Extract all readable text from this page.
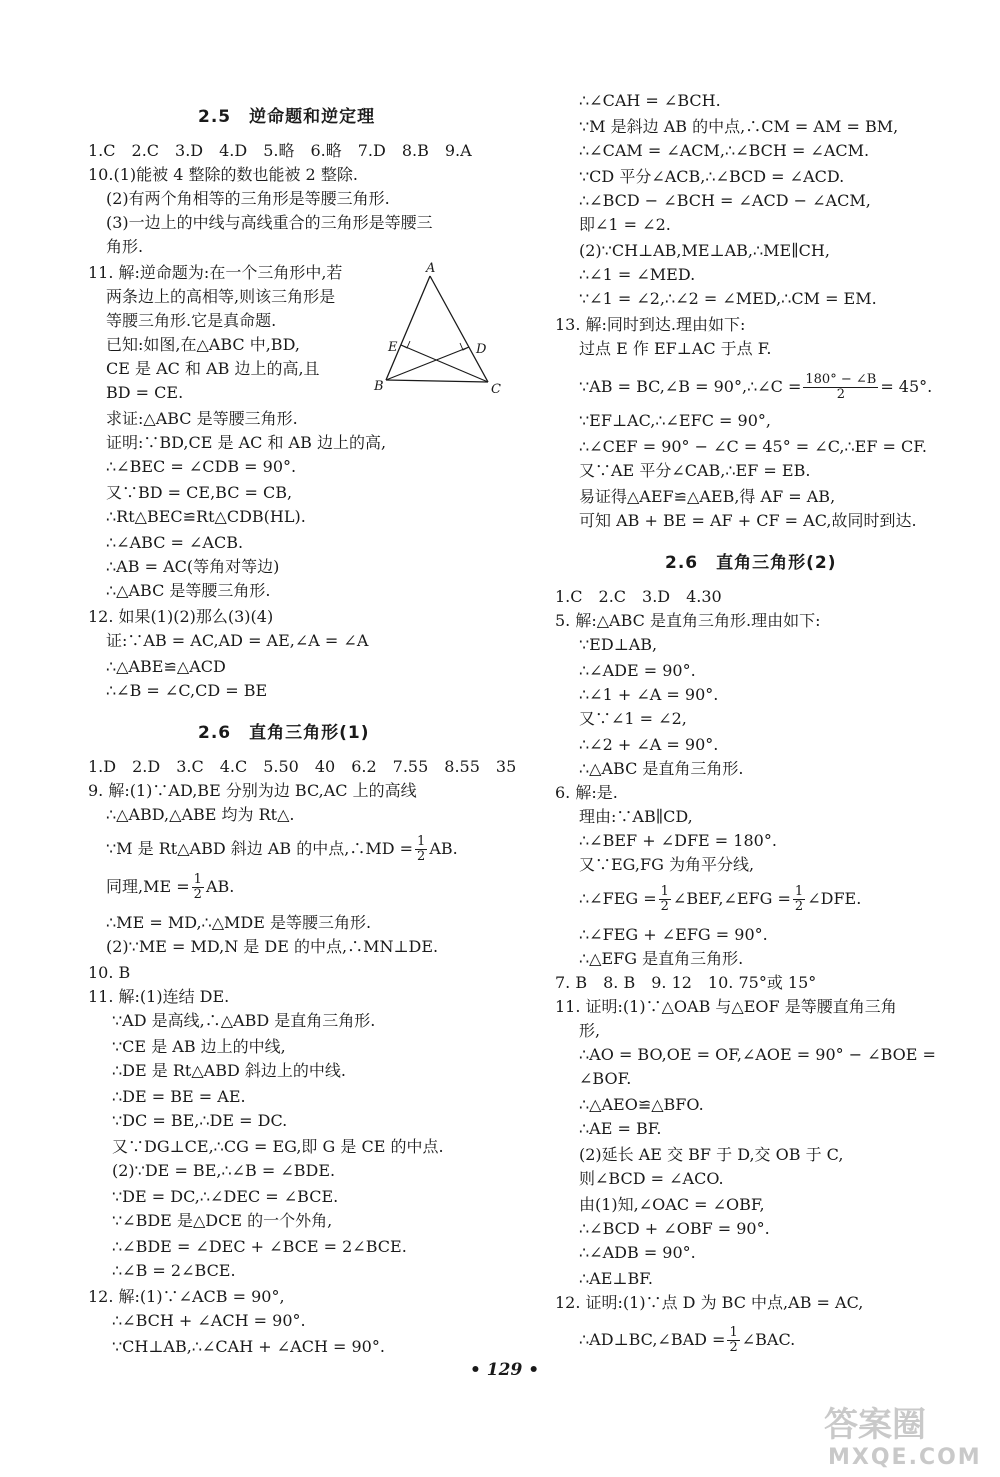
2.5　逆命题和逆定理
1.C　2.C　3.D　4.D　5.略　6.略　7.D　8.B　9.A
10.(1)能被 4 整除的数也能被 2 整除.
(2)有两个角相等的三角形是等腰三角形.
(3)一边上的中线与高线重合的三角形是等腰三
角形.
11. 解:逆命题为:在一个三角形中,若
两条边上的高相等,则该三角形是
等腰三角形.它是真命题.
已知:如图,在△ABC 中,BD,
CE 是 AC 和 AB 边上的高,且
BD = CE.
求证:△ABC 是等腰三角形.
证明:∵BD,CE 是 AC 和 AB 边上的高,
∴∠BEC = ∠CDB = 90°.
又∵BD = CE,BC = CB,
∴Rt△BEC≌Rt△CDB(HL).
∴∠ABC = ∠ACB.
∴AB = AC(等角对等边)
∴△ABC 是等腰三角形.
12. 如果(1)(2)那么(3)(4)
证:∵AB = AC,AD = AE,∠A = ∠A
∴△ABE≌△ACD
∴∠B = ∠C,CD = BE
2.6　直角三角形(1)
1.D　2.D　3.C　4.C　5.50　40　6.2　7.55　8.55　35
9. 解:(1)∵AD,BE 分别为边 BC,AC 上的高线
∴△ABD,△ABE 均为 Rt△.
∵M 是 Rt△ABD 斜边 AB 的中点,∴MD = $\frac{1}{2}$ AB.
同理$,ME = \frac{1}{2}$ AB.
∴ME = MD,∴△MDE 是等腰三角形.
(2)∵ME = MD,N 是 DE 的中点,∴MN⊥DE.
10. B
11. 解:(1)连结 DE.
∵AD 是高线,∴△ABD 是直角三角形.
∵CE 是 AB 边上的中线,
∴DE 是 Rt△ABD 斜边上的中线.
∴DE = BE = AE.
∵DC = BE,∴DE = DC.
又∵DG⊥CE,∴CG = EG,即 G 是 CE 的中点.
(2)∵DE = BE,∴∠B = ∠BDE.
∵DE = DC,∴∠DEC = ∠BCE.
∵∠BDE 是△DCE 的一个外角,
∴∠BDE = ∠DEC + ∠BCE = 2∠BCE.
∴∠B = 2∠BCE.
12. 解:(1)∵∠ACB = 90°,
∴∠BCH + ∠ACH = 90°.
∵CH⊥AB,∴∠CAH + ∠ACH = 90°.
A
B	C
D
E
∴∠CAH = ∠BCH.
∵M 是斜边 AB 的中点,∴CM = AM = BM,
∴∠CAM = ∠ACM,∴∠BCH = ∠ACM.
∵CD 平分∠ACB,∴∠BCD = ∠ACD.
∴∠BCD − ∠BCH = ∠ACD − ∠ACM,
即∠1 = ∠2.
(2)∵CH⊥AB,ME⊥AB,∴ME∥CH,
∴∠1 = ∠MED.
∵∠1 = ∠2,∴∠2 = ∠MED,∴CM = EM.
13. 解:同时到达.理由如下:
过点 E 作 EF⊥AC 于点 F.
∵AB = BC,∠B = 90°,∴∠C = $\frac{180^\circ - \angle B}{2} = 45^\circ$.
∵EF⊥AC,∴∠EFC = 90°,
∴∠CEF = 90° − ∠C = 45° = ∠C,∴EF = CF.
又∵AE 平分∠CAB,∴EF = EB.
易证得△AEF≌△AEB,得 AF = AB,
可知 AB + BE = AF + CF = AC,故同时到达.
2.6　直角三角形(2)
1.C　2.C　3.D　4.30
5. 解:△ABC 是直角三角形.理由如下:
∵ED⊥AB,
∴∠ADE = 90°.
∴∠1 + ∠A = 90°.
又∵∠1 = ∠2,
∴∠2 + ∠A = 90°.
∴△ABC 是直角三角形.
6. 解:是.
理由:∵AB∥CD,
∴∠BEF + ∠DFE = 180°.
又∵EG,FG 为角平分线,
∴∠FEG = $\frac{1}{2}$ ∠BEF,∠EFG = $\frac{1}{2}$ ∠DFE.
∴∠FEG + ∠EFG = 90°.
∴△EFG 是直角三角形.
7. B　8. B　9. 12　10. 75°或 15°
11. 证明:(1)∵△OAB 与△EOF 是等腰直角三角
形,
∴AO = BO,OE = OF,∠AOE = 90° − ∠BOE =
∠BOF.
∴△AEO≌△BFO.
∴AE = BF.
(2)延长 AE 交 BF 于 D,交 OB 于 C,
则∠BCD = ∠ACO.
由(1)知,∠OAC = ∠OBF,
∴∠BCD + ∠OBF = 90°.
∴∠ADB = 90°.
∴AE⊥BF.
12. 证明:(1)∵点 D 为 BC 中点,AB = AC,
∴AD⊥BC,∠BAD = $\frac{1}{2}$ ∠BAC.
• 129 •
答案圈
MXQE.COM
